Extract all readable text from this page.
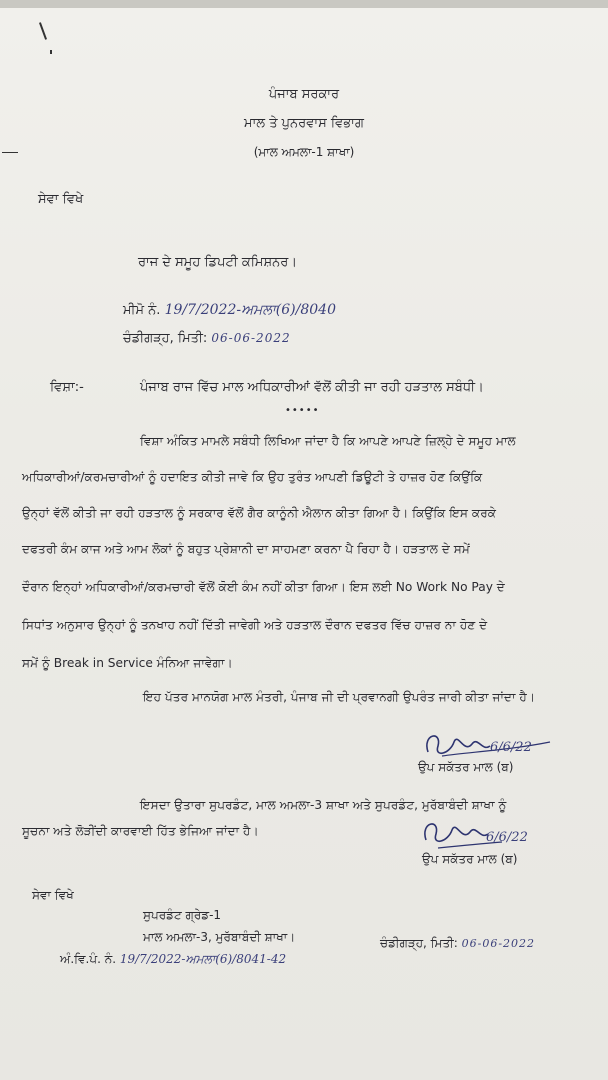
ਪੰਜਾਬ ਸਰਕਾਰ
ਮਾਲ ਤੇ ਪੁਨਰਵਾਸ ਵਿਭਾਗ
(ਮਾਲ ਅਮਲਾ-1 ਸ਼ਾਖਾ)
ਸੇਵਾ ਵਿਖੇ
ਰਾਜ ਦੇ ਸਮੂਹ ਡਿਪਟੀ ਕਮਿਸ਼ਨਰ।
ਮੀਮੋ ਨੰ. 19/7/2022-ਅਮਲਾ(6)/8040
ਚੰਡੀਗੜ੍ਹ, ਮਿਤੀ: 06-06-2022
ਵਿਸ਼ਾ:-	ਪੰਜਾਬ ਰਾਜ ਵਿੱਚ ਮਾਲ ਅਧਿਕਾਰੀਆਂ ਵੱਲੋਂ ਕੀਤੀ ਜਾ ਰਹੀ ਹੜਤਾਲ ਸਬੰਧੀ।
•••••
ਵਿਸ਼ਾ ਅੰਕਿਤ ਮਾਮਲੇ ਸਬੰਧੀ ਲਿਖਿਆ ਜਾਂਦਾ ਹੈ ਕਿ ਆਪਣੇ ਆਪਣੇ ਜ਼ਿਲ੍ਹੇ ਦੇ ਸਮੂਹ ਮਾਲ
ਅਧਿਕਾਰੀਆਂ/ਕਰਮਚਾਰੀਆਂ ਨੂੰ ਹਦਾਇਤ ਕੀਤੀ ਜਾਵੇ ਕਿ ਉਹ ਤੁਰੰਤ ਆਪਣੀ ਡਿਊਟੀ ਤੇ ਹਾਜ਼ਰ ਹੋਣ ਕਿਉਂਕਿ
ਉਨ੍ਹਾਂ ਵੱਲੋਂ ਕੀਤੀ ਜਾ ਰਹੀ ਹੜਤਾਲ ਨੂੰ ਸਰਕਾਰ ਵੱਲੋਂ ਗੈਰ ਕਾਨੂੰਨੀ ਐਲਾਨ ਕੀਤਾ ਗਿਆ ਹੈ। ਕਿਉਂਕਿ ਇਸ ਕਰਕੇ
ਦਫਤਰੀ ਕੰਮ ਕਾਜ ਅਤੇ ਆਮ ਲੋਕਾਂ ਨੂੰ ਬਹੁਤ ਪ੍ਰੇਸ਼ਾਨੀ ਦਾ ਸਾਹਮਣਾ ਕਰਨਾ ਪੈ ਰਿਹਾ ਹੈ। ਹੜਤਾਲ ਦੇ ਸਮੇਂ
ਦੌਰਾਨ ਇਨ੍ਹਾਂ ਅਧਿਕਾਰੀਆਂ/ਕਰਮਚਾਰੀ ਵੱਲੋਂ ਕੋਈ ਕੰਮ ਨਹੀਂ ਕੀਤਾ ਗਿਆ। ਇਸ ਲਈ No Work No Pay ਦੇ
ਸਿਧਾਂਤ ਅਨੁਸਾਰ ਉਨ੍ਹਾਂ ਨੂੰ ਤਨਖਾਹ ਨਹੀਂ ਦਿੱਤੀ ਜਾਵੇਗੀ ਅਤੇ ਹੜਤਾਲ ਦੌਰਾਨ ਦਫਤਰ ਵਿੱਚ ਹਾਜ਼ਰ ਨਾ ਹੋਣ ਦੇ
ਸਮੇਂ ਨੂੰ Break in Service ਮੰਨਿਆ ਜਾਵੇਗਾ।
ਇਹ ਪੱਤਰ ਮਾਨਯੋਗ ਮਾਲ ਮੰਤਰੀ, ਪੰਜਾਬ ਜੀ ਦੀ ਪ੍ਰਵਾਨਗੀ ਉਪਰੰਤ ਜਾਰੀ ਕੀਤਾ ਜਾਂਦਾ ਹੈ।
6/6/22
ਉਪ ਸਕੱਤਰ ਮਾਲ (ਬ)
ਇਸਦਾ ਉਤਾਰਾ ਸੁਪਰਡੰਟ, ਮਾਲ ਅਮਲਾ-3 ਸ਼ਾਖਾ ਅਤੇ ਸੁਪਰਡੰਟ, ਮੁਰੱਬਾਬੰਦੀ ਸ਼ਾਖਾ ਨੂੰ
ਸੂਚਨਾ ਅਤੇ ਲੋੜੀਂਦੀ ਕਾਰਵਾਈ ਹਿੱਤ ਭੇਜਿਆ ਜਾਂਦਾ ਹੈ।	6/6/22
ਉਪ ਸਕੱਤਰ ਮਾਲ (ਬ)
ਸੇਵਾ ਵਿਖੇ
ਸੁਪਰਡੰਟ ਗ੍ਰੇਡ-1
ਮਾਲ ਅਮਲਾ-3, ਮੁਰੱਬਾਬੰਦੀ ਸ਼ਾਖਾ।
ਅੰ.ਵਿ.ਪੰ. ਨੰ. 19/7/2022-ਅਮਲਾ(6)/8041-42
ਚੰਡੀਗੜ੍ਹ, ਮਿਤੀ: 06-06-2022
